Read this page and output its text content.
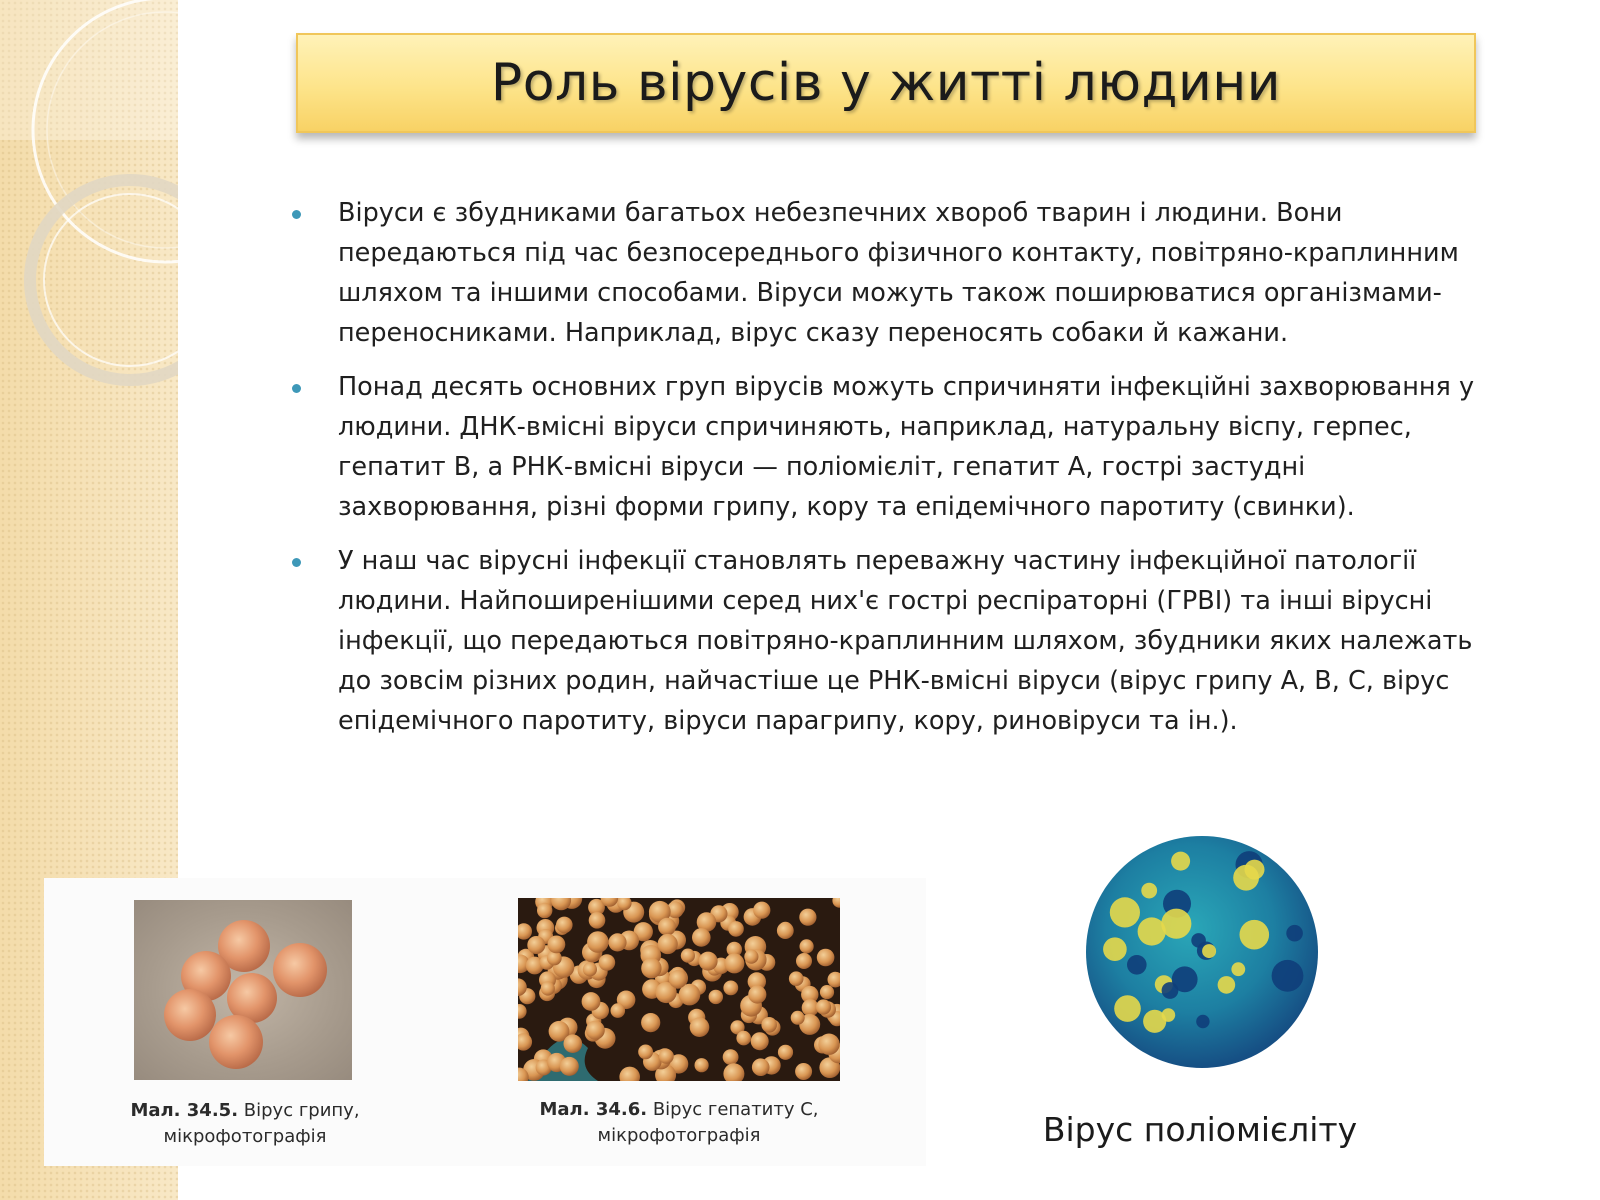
Роль вірусів у житті людини
Віруси є збудниками багатьох небезпечних хвороб тварин і людини. Вони передаються під час безпосереднього фізичного контакту, повітряно-краплинним шляхом та іншими способами. Віруси можуть також поширюватися організмами-переносниками. Наприклад, вірус сказу переносять собаки й кажани.
Понад десять основних груп вірусів можуть спричиняти інфекційні захворювання у людини. ДНК-вмісні віруси спричиняють, наприклад, натуральну віспу, герпес, гепатит В, а РНК-вмісні віруси — поліомієліт, гепатит А, гострі застудні захворювання, різні форми грипу, кору та епідемічного паротиту (свинки).
У наш час вірусні інфекції становлять переважну частину інфекційної патології людини. Найпоширенішими серед них'є гострі респіраторні (ГРВІ) та інші вірусні інфекції, що передаються повітряно-краплинним шляхом, збудники яких належать до зовсім різних родин, найчастіше це РНК-вмісні віруси (вірус грипу А, В, С, вірус епідемічного паротиту, віруси парагрипу, кору, риновіруси та ін.).
Мал. 34.5. Вірус грипу,
мікрофотографія
Мал. 34.6. Вірус гепатиту С,
мікрофотографія	Вірус поліомієліту
